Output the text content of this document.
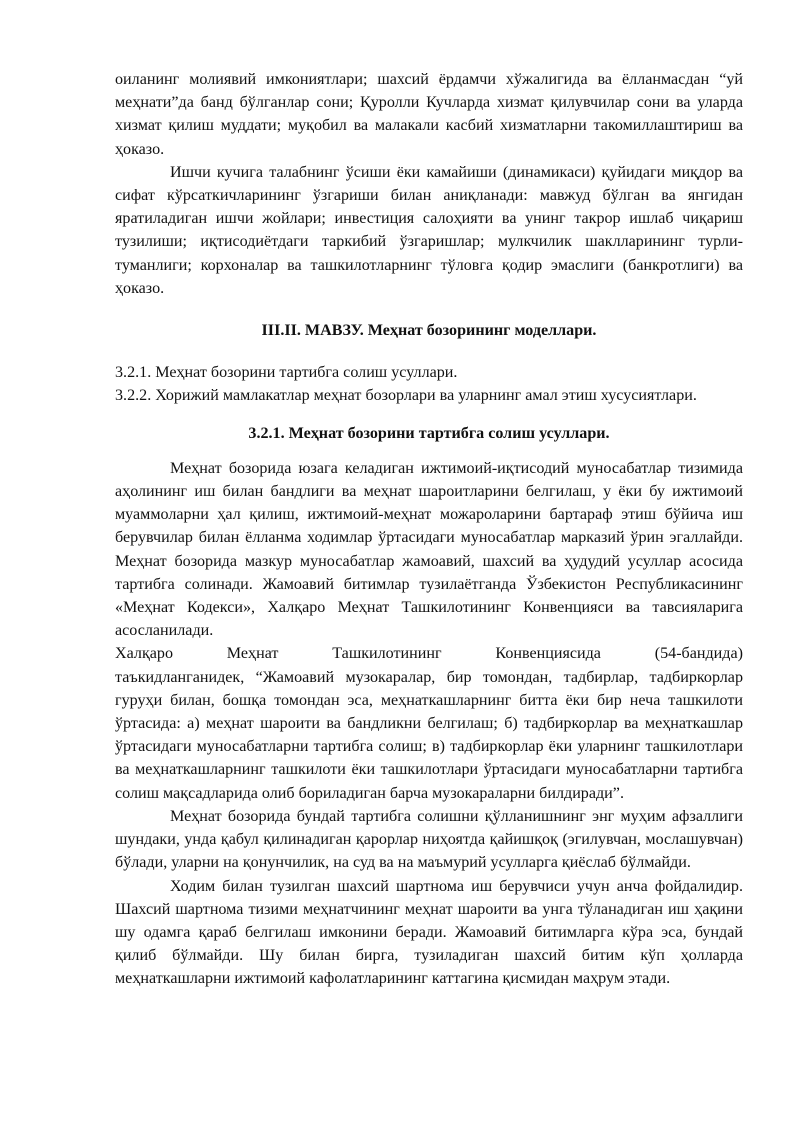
оиланинг молиявий имкониятлари; шахсий ёрдамчи хўжалигида ва ёлланмасдан “уй меҳнати”да банд бўлганлар сони; Қуролли Кучларда хизмат қилувчилар сони ва уларда хизмат қилиш муддати; муқобил ва малакали касбий хизматларни такомиллаштириш ва ҳоказо.

Ишчи кучига талабнинг ўсиши ёки камайиши (динамикаси) қуйидаги миқдор ва сифат кўрсаткичларининг ўзгариши билан аниқланади: мавжуд бўлган ва янгидан яратиладиган ишчи жойлари; инвестиция салоҳияти ва унинг такрор ишлаб чиқариш тузилиши; иқтисодиётдаги таркибий ўзгаришлар; мулкчилик шаклларининг турли-туманлиги; корхоналар ва ташкилотларнинг тўловга қодир эмаслиги (банкротлиги) ва ҳоказо.

III.II. МАВЗУ. Меҳнат бозорининг моделлари.

3.2.1. Меҳнат бозорини тартибга солиш усуллари.

3.2.2. Хорижий мамлакатлар меҳнат бозорлари ва уларнинг амал этиш хусусиятлари.

3.2.1. Меҳнат бозорини тартибга солиш усуллари.

Меҳнат бозорида юзага келадиган ижтимоий-иқтисодий муносабатлар тизимида аҳолининг иш билан бандлиги ва меҳнат шароитларини белгилаш, у ёки бу ижтимоий муаммоларни ҳал қилиш, ижтимоий-меҳнат можароларини бартараф этиш бўйича иш берувчилар билан ёлланма ходимлар ўртасидаги муносабатлар марказий ўрин эгаллайди. Меҳнат бозорида мазкур муносабатлар жамоавий, шахсий ва ҳудудий усуллар асосида тартибга солинади. Жамоавий битимлар тузилаётганда Ўзбекистон Республикасининг «Меҳнат Кодекси», Халқаро Меҳнат Ташкилотининг Конвенцияси ва тавсияларига асосланилади.

Халқаро Меҳнат Ташкилотининг Конвенциясида (54-бандида)

таъкидланганидек, “Жамоавий музокаралар, бир томондан, тадбирлар, тадбиркорлар гуруҳи билан, бошқа томондан эса, меҳнаткашларнинг битта ёки бир неча ташкилоти ўртасида: а) меҳнат шароити ва бандликни белгилаш; б) тадбиркорлар ва меҳнаткашлар ўртасидаги муносабатларни тартибга солиш; в) тадбиркорлар ёки уларнинг ташкилотлари ва меҳнаткашларнинг ташкилоти ёки ташкилотлари ўртасидаги муносабатларни тартибга солиш мақсадларида олиб бориладиган барча музокараларни билдиради”.

Меҳнат бозорида бундай тартибга солишни қўлланишнинг энг муҳим афзаллиги шундаки, унда қабул қилинадиган қарорлар ниҳоятда қайишқоқ (эгилувчан, мослашувчан) бўлади, уларни на қонунчилик, на суд ва на маъмурий усулларга қиёслаб бўлмайди.

Ходим билан тузилган шахсий шартнома иш берувчиси учун анча фойдалидир. Шахсий шартнома тизими меҳнатчининг меҳнат шароити ва унга тўланадиган иш ҳақини шу одамга қараб белгилаш имконини беради. Жамоавий битимларга кўра эса, бундай қилиб бўлмайди. Шу билан бирга, тузиладиган шахсий битим кўп ҳолларда меҳнаткашларни ижтимоий кафолатларининг каттагина қисмидан маҳрум этади.
